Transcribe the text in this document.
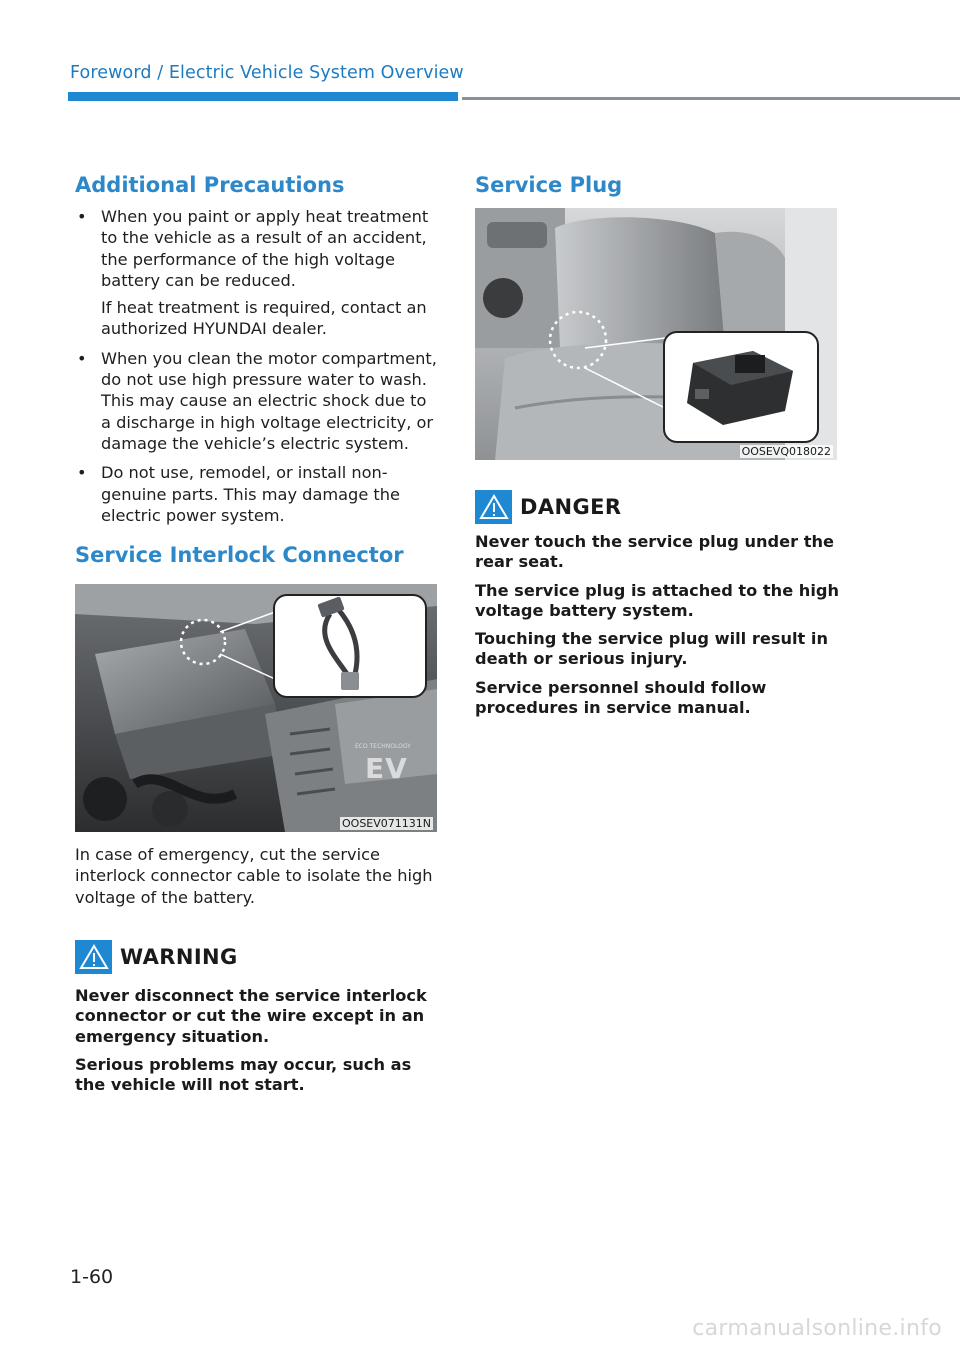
Foreword / Electric Vehicle System Overview
Additional Precautions
• When you paint or apply heat treatment to the vehicle as a result of an accident, the performance of the high voltage battery can be reduced.
If heat treatment is required, contact an authorized HYUNDAI dealer.
• When you clean the motor compartment, do not use high pressure water to wash. This may cause an electric shock due to a discharge in high voltage electricity, or damage the vehicle’s electric system.
• Do not use, remodel, or install non-genuine parts. This may damage the electric power system.
Service Interlock Connector
EV
ECO TECHNOLOGY
OOSEV071131N

In case of emergency, cut the service interlock connector cable to isolate the high voltage of the battery.

WARNING

Never disconnect the service interlock connector or cut the wire except in an emergency situation.

Serious problems may occur, such as the vehicle will not start.

Service Plug
OOSEVQ018022
DANGER

Never touch the service plug under the rear seat.

The service plug is attached to the high voltage battery system.

Touching the service plug will result in death or serious injury.

Service personnel should follow procedures in service manual.

1-60
carmanualsonline.info
